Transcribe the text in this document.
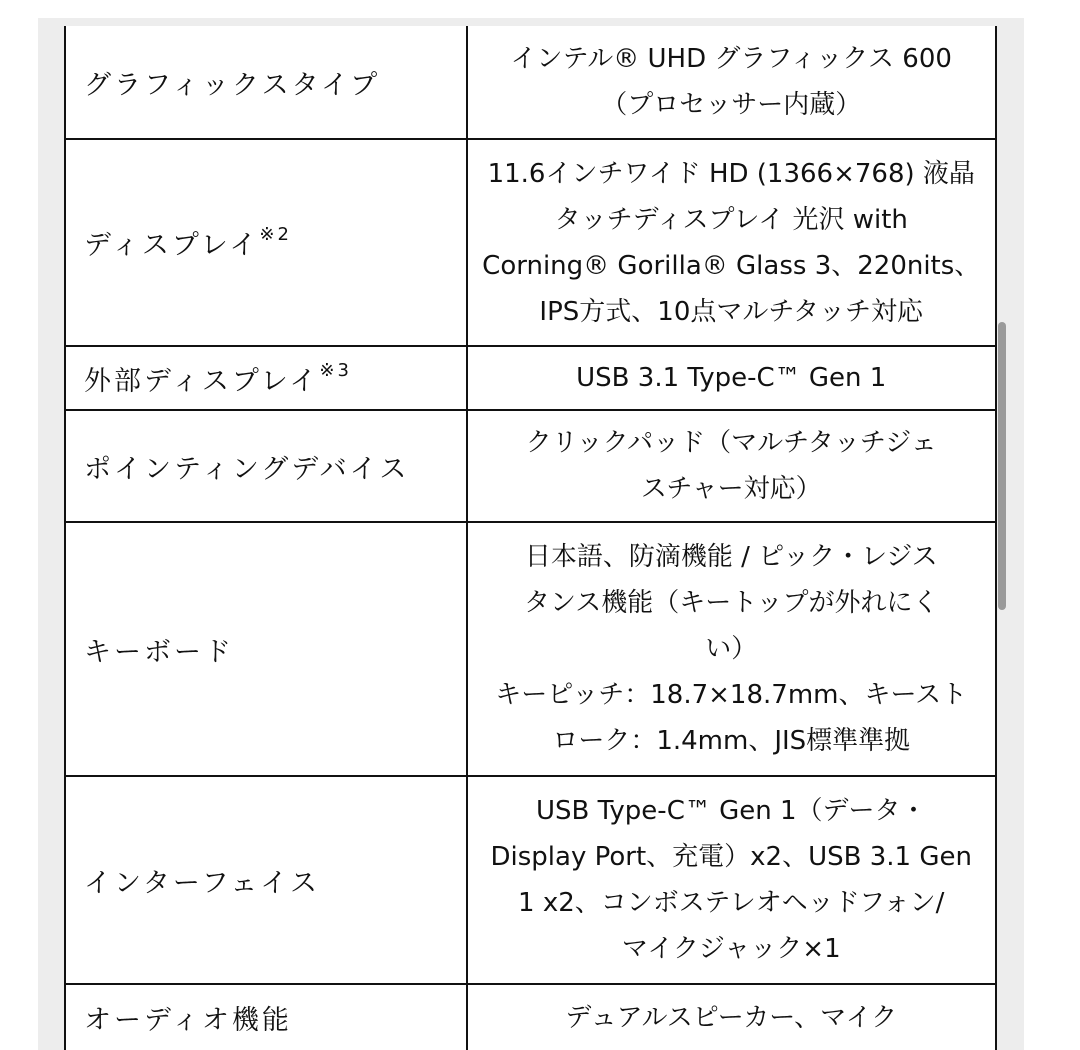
グラフィックスタイプ	インテル® UHD グラフィックス 600
（プロセッサー内蔵）

ディスプレイ$^{※2}$	11.6インチワイド HD (1366×768) 液晶
タッチディスプレイ 光沢 with
Corning® Gorilla® Glass 3、220nits、
IPS方式、10点マルチタッチ対応

外部ディスプレイ$^{※3}$	USB 3.1 Type-C™ Gen 1

ポインティングデバイス	クリックパッド（マルチタッチジェ
スチャー対応）

キーボード	日本語、防滴機能 / ピック・レジス
タンス機能（キートップが外れにく
い）
キーピッチ：18.7×18.7mm、キースト
ローク：1.4mm、JIS標準準拠

インターフェイス	USB Type-C™ Gen 1（データ・
Display Port、充電）x2、USB 3.1 Gen
1 x2、コンボステレオヘッドフォン/
マイクジャック×1

オーディオ機能	デュアルスピーカー、マイク
